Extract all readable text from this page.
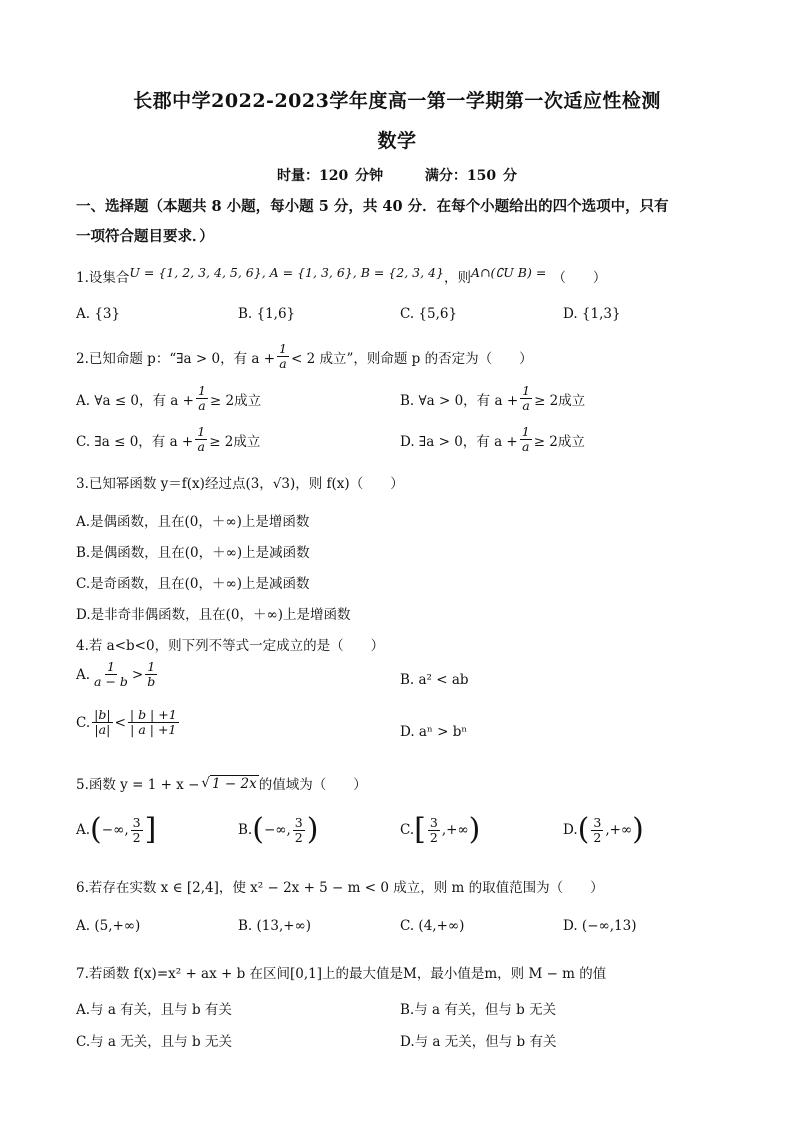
长郡中学2022-2023学年度高一第一学期第一次适应性检测
数学
时量：120 分钟	满分：150 分
一、选择题（本题共 8 小题，每小题 5 分，共 40 分．在每个小题给出的四个选项中，只有
一项符合题目要求．）
1.设集合 U = {1, 2, 3, 4, 5, 6}, A = {1, 3, 6}, B = {2, 3, 4} ，则 A∩(∁U B) = （　　）
A. {3}	B. {1,6}	C. {5,6}	D. {1,3}
2.已知命题 p：“∃a > 0，有 $a + \frac{1}{a} < 2$ 成立”，则命题 p 的否定为（　　）
A. ∀a ≤ 0，有 $a + \frac{1}{a} \ge 2$成立	B. ∀a > 0，有 $a + \frac{1}{a} \ge 2$成立
C. ∃a ≤ 0，有 $a + \frac{1}{a} \ge 2$成立	D. ∃a > 0，有 $a + \frac{1}{a} \ge 2$成立
3.已知幂函数 y＝f(x)经过点(3，√3)，则 f(x)（　　）
A.是偶函数，且在(0，＋∞)上是增函数
B.是偶函数，且在(0，＋∞)上是减函数
C.是奇函数，且在(0，＋∞)上是减函数
D.是非奇非偶函数，且在(0，＋∞)上是增函数
4.若 a<b<0，则下列不等式一定成立的是（　　）
A. $\frac{1}{a - b} > \frac{1}{b}$	B. a² < ab
C. $\frac{|b|}{|a|} < \frac{| b | +1}{| a | +1}$	D. aⁿ > bⁿ
5.函数 y = 1 + x − √ 1 − 2x 的值域为（　　）
A. ( −∞, $\frac{3}{2}$ ]	B. ( −∞, $\frac{3}{2}$ )	C. [ $\frac{3}{2}$ ,+∞ )	D. ( $\frac{3}{2}$ ,+∞ )
6.若存在实数 x ∈ [2,4]，使 x² − 2x + 5 − m < 0 成立，则 m 的取值范围为（　　）
A. (5,+∞)	B. (13,+∞)	C. (4,+∞)	D. (−∞,13)
7.若函数 f(x)=x² + ax + b 在区间[0,1]上的最大值是M，最小值是m，则 M − m 的值
A.与 a 有关，且与 b 有关	B.与 a 有关，但与 b 无关
C.与 a 无关，且与 b 无关	D.与 a 无关，但与 b 有关
